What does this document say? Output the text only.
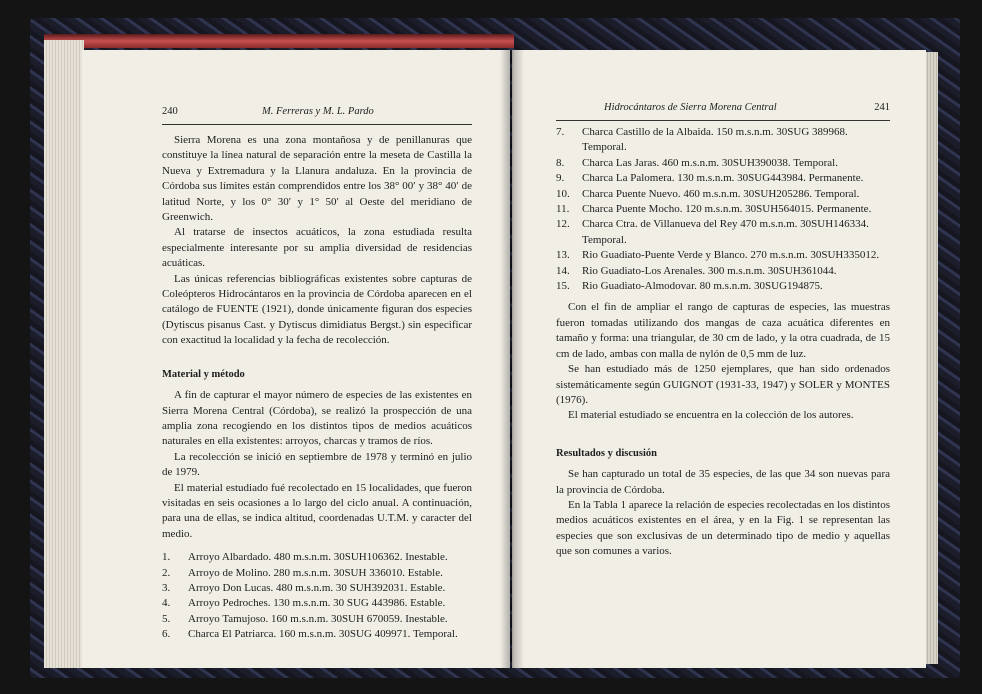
240	M. Ferreras y M. L. Pardo

Sierra Morena es una zona montañosa y de penillanuras que constituye la línea natural de separación entre la meseta de Castilla la Nueva y Extremadura y la Llanura andaluza. En la provincia de Córdoba sus límites están comprendidos entre los 38° 00′ y 38° 40′ de latitud Norte, y los 0° 30′ y 1° 50′ al Oeste del meridiano de Greenwich.

Al tratarse de insectos acuáticos, la zona estudiada resulta especialmente interesante por su amplia diversidad de residencias acuáticas.

Las únicas referencias bibliográficas existentes sobre capturas de Coleópteros Hidrocántaros en la provincia de Córdoba aparecen en el catálogo de FUENTE (1921), donde únicamente figuran dos especies (Dytiscus pisanus Cast. y Dytiscus dimidiatus Bergst.) sin especificar con exactitud la localidad y la fecha de recolección.

Material y método

A fin de capturar el mayor número de especies de las existentes en Sierra Morena Central (Córdoba), se realizó la prospección de una amplia zona recogiendo en los distintos tipos de medios acuáticos naturales en ella existentes: arroyos, charcas y tramos de ríos.

La recolección se inició en septiembre de 1978 y terminó en julio de 1979.

El material estudiado fué recolectado en 15 localidades, que fueron visitadas en seis ocasiones a lo largo del ciclo anual. A continuación, para una de ellas, se indica altitud, coordenadas U.T.M. y caracter del medio.

1. Arroyo Albardado. 480 m.s.n.m. 30SUH106362. Inestable.
2. Arroyo de Molino. 280 m.s.n.m. 30SUH 336010. Estable.
3. Arroyo Don Lucas. 480 m.s.n.m. 30 SUH392031. Estable.
4. Arroyo Pedroches. 130 m.s.n.m. 30 SUG 443986. Estable.
5. Arroyo Tamujoso. 160 m.s.n.m. 30SUH 670059. Inestable.
6. Charca El Patriarca. 160 m.s.n.m. 30SUG 409971. Temporal.
Hidrocántaros de Sierra Morena Central	241
7. Charca Castillo de la Albaida. 150 m.s.n.m. 30SUG 389968. Temporal.
8. Charca Las Jaras. 460 m.s.n.m. 30SUH390038. Temporal.
9. Charca La Palomera. 130 m.s.n.m. 30SUG443984. Permanente.
10. Charca Puente Nuevo. 460 m.s.n.m. 30SUH205286. Temporal.
11. Charca Puente Mocho. 120 m.s.n.m. 30SUH564015. Permanente.
12. Charca Ctra. de Villanueva del Rey 470 m.s.n.m. 30SUH146334. Temporal.
13. Rio Guadiato-Puente Verde y Blanco. 270 m.s.n.m. 30SUH335012.
14. Rio Guadiato-Los Arenales. 300 m.s.n.m. 30SUH361044.
15. Rio Guadiato-Almodovar. 80 m.s.n.m. 30SUG194875.

Con el fin de ampliar el rango de capturas de especies, las muestras fueron tomadas utilizando dos mangas de caza acuática diferentes en tamaño y forma: una triangular, de 30 cm de lado, y la otra cuadrada, de 15 cm de lado, ambas con malla de nylón de 0,5 mm de luz.

Se han estudiado más de 1250 ejemplares, que han sido ordenados sistemáticamente según GUIGNOT (1931-33, 1947) y SOLER y MONTES (1976).

El material estudiado se encuentra en la colección de los autores.

Resultados y discusión

Se han capturado un total de 35 especies, de las que 34 son nuevas para la provincia de Córdoba.

En la Tabla 1 aparece la relación de especies recolectadas en los distintos medios acuáticos existentes en el área, y en la Fig. 1 se representan las especies que son exclusivas de un determinado tipo de medio y aquellas que son comunes a varios.
